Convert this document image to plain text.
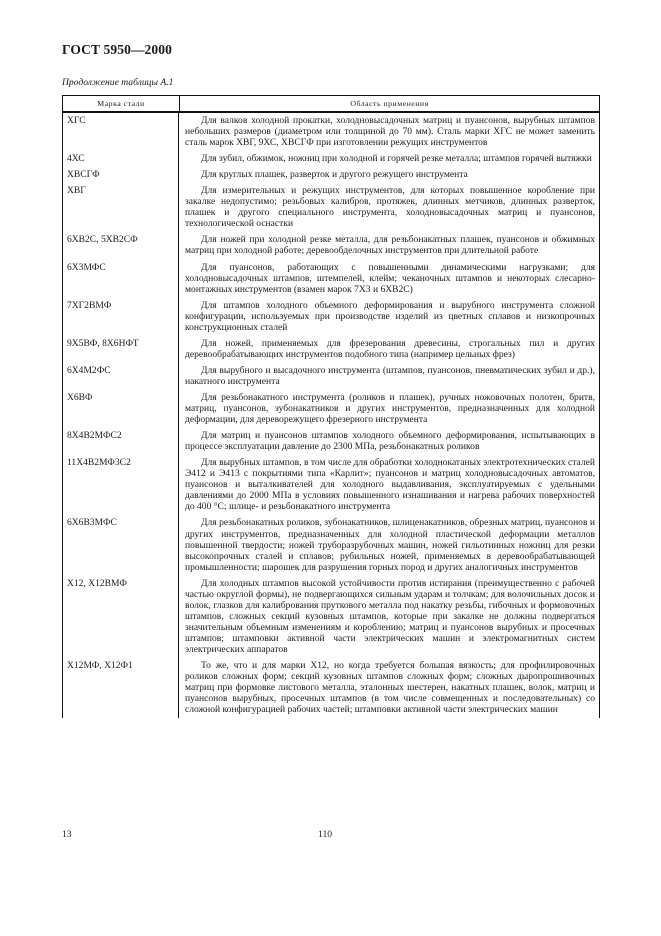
ГОСТ 5950—2000
Продолжение таблицы А.1
Марка стали	Область применения
ХГС	Для валков холодной прокатки, холодновысадочных матриц и пуансонов, вырубных штампов небольших размеров (диаметром или толщиной до 70 мм). Сталь марки ХГС не может заменить сталь марок ХВГ, 9ХС, ХВСГФ при изготовлении режущих инструментов
4ХС	Для зубил, обжимок, ножниц при холодной и горячей резке металла; штампов горячей вытяжки
ХВСГФ	Для круглых плашек, разверток и другого режущего инструмента
ХВГ	Для измерительных и режущих инструментов, для которых повышенное коробление при закалке недопустимо; резьбовых калибров, протяжек, длинных метчиков, длинных разверток, плашек и другого специального инструмента, холодновысадочных матриц и пуансонов, технологической оснастки
6ХВ2С, 5ХВ2СФ	Для ножей при холодной резке металла, для резьбонакатных плашек, пуансонов и обжимных матриц при холодной работе; деревообделочных инструментов при длительной работе
6Х3МФС	Для пуансонов, работающих с повышенными динамическими нагрузками; для холодновысадочных штампов, штемпелей, клейм; чеканочных штампов и некоторых слесарно-монтажных инструментов (взамен марок 7Х3 и 6ХВ2С)
7ХГ2ВМФ	Для штампов холодного объемного деформирования и вырубного инструмента сложной конфигурации, используемых при производстве изделий из цветных сплавов и низкопрочных конструкционных сталей
9Х5ВФ, 8Х6НФТ	Для ножей, применяемых для фрезерования древесины, строгальных пил и других деревообрабатывающих инструментов подобного типа (например цельных фрез)
6Х4М2ФС	Для вырубного и высадочного инструмента (штампов, пуансонов, пневматических зубил и др.), накатного инструмента
Х6ВФ	Для резьбонакатного инструмента (роликов и плашек), ручных ножовочных полотен, бритв, матриц, пуансонов, зубонакатников и других инструментов, предназначенных для холодной деформации, для дереворежущего фрезерного инструмента
8Х4В2МФС2	Для матриц и пуансонов штампов холодного объемного деформирования, испытывающих в процессе эксплуатации давление до 2300 МПа, резьбонакатных роликов
11Х4В2МФ3С2	Для вырубных штампов, в том числе для обработки холоднокатаных электротехнических сталей Э412 и Э413 с покрытиями типа «Карлит»; пуансонов и матриц холодновысадочных автоматов, пуансонов и выталкивателей для холодного выдавливания, эксплуатируемых с удельными давлениями до 2000 МПа в условиях повышенного изнашивания и нагрева рабочих поверхностей до 400 °С; шлице- и резьбонакатного инструмента
6Х6В3МФС	Для резьбонакатных роликов, зубонакатников, шлиценакатников, обрезных матриц, пуансонов и других инструментов, предназначенных для холодной пластической деформации металлов повышенной твердости; ножей труборазрубочных машин, ножей гильотинных ножниц для резки высокопрочных сталей и сплавов; рубильных ножей, применяемых в деревообрабатывающей промышленности; шарошек для разрушения горных пород и других аналогичных инструментов
Х12, Х12ВМФ	Для холодных штампов высокой устойчивости против истирания (преимущественно с рабочей частью округлой формы), не подвергающихся сильным ударам и толчкам; для волочильных досок и волок, глазков для калибрования пруткового металла под накатку резьбы, гибочных и формовочных штампов, сложных секций кузовных штампов, которые при закалке не должны подвергаться значительным объемным изменениям и короблению; матриц и пуансонов вырубных и просечных штампов; штамповки активной части электрических машин и электромагнитных систем электрических аппаратов
Х12МФ, Х12Ф1	То же, что и для марки Х12, но когда требуется большая вязкость; для профилировочных роликов сложных форм; секций кузовных штампов сложных форм; сложных дыропрошивочных матриц при формовке листового металла, эталонных шестерен, накатных плашек, волок, матриц и пуансонов вырубных, просечных штампов (в том числе совмещенных и последовательных) со сложной конфигурацией рабочих частей; штамповки активной части электрических машин
13	110
